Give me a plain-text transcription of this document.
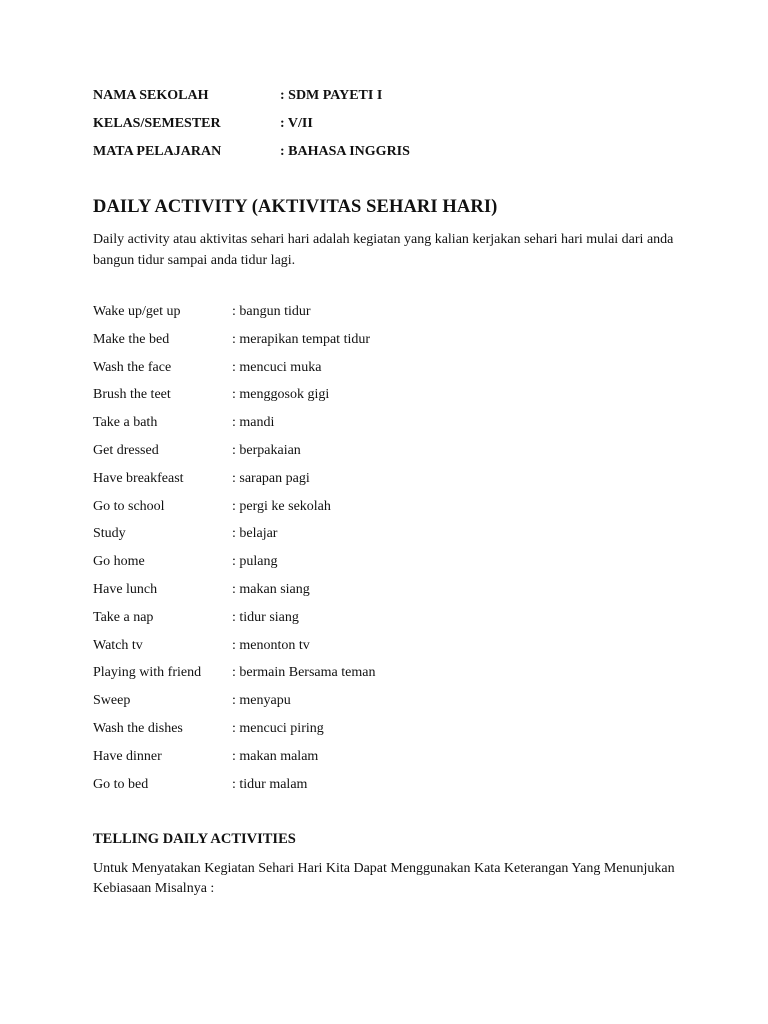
NAMA SEKOLAH	: SDM PAYETI I
KELAS/SEMESTER	: V/II
MATA PELAJARAN	: BAHASA INGGRIS
DAILY ACTIVITY (AKTIVITAS SEHARI HARI)
Daily activity atau aktivitas sehari hari adalah kegiatan yang kalian kerjakan sehari hari mulai dari anda bangun tidur sampai anda tidur lagi.
Wake up/get up	: bangun tidur
Make the bed	: merapikan tempat tidur
Wash the face	: mencuci muka
Brush the teet	: menggosok gigi
Take a bath	: mandi
Get dressed	: berpakaian
Have breakfeast	: sarapan pagi
Go to school	: pergi ke sekolah
Study	: belajar
Go home	: pulang
Have lunch	: makan siang
Take a nap	: tidur siang
Watch tv	: menonton tv
Playing with friend	: bermain Bersama teman
Sweep	: menyapu
Wash the dishes	: mencuci piring
Have dinner	: makan malam
Go to bed	: tidur malam
TELLING DAILY ACTIVITIES
Untuk Menyatakan Kegiatan Sehari Hari Kita Dapat Menggunakan Kata Keterangan Yang Menunjukan Kebiasaan Misalnya :
